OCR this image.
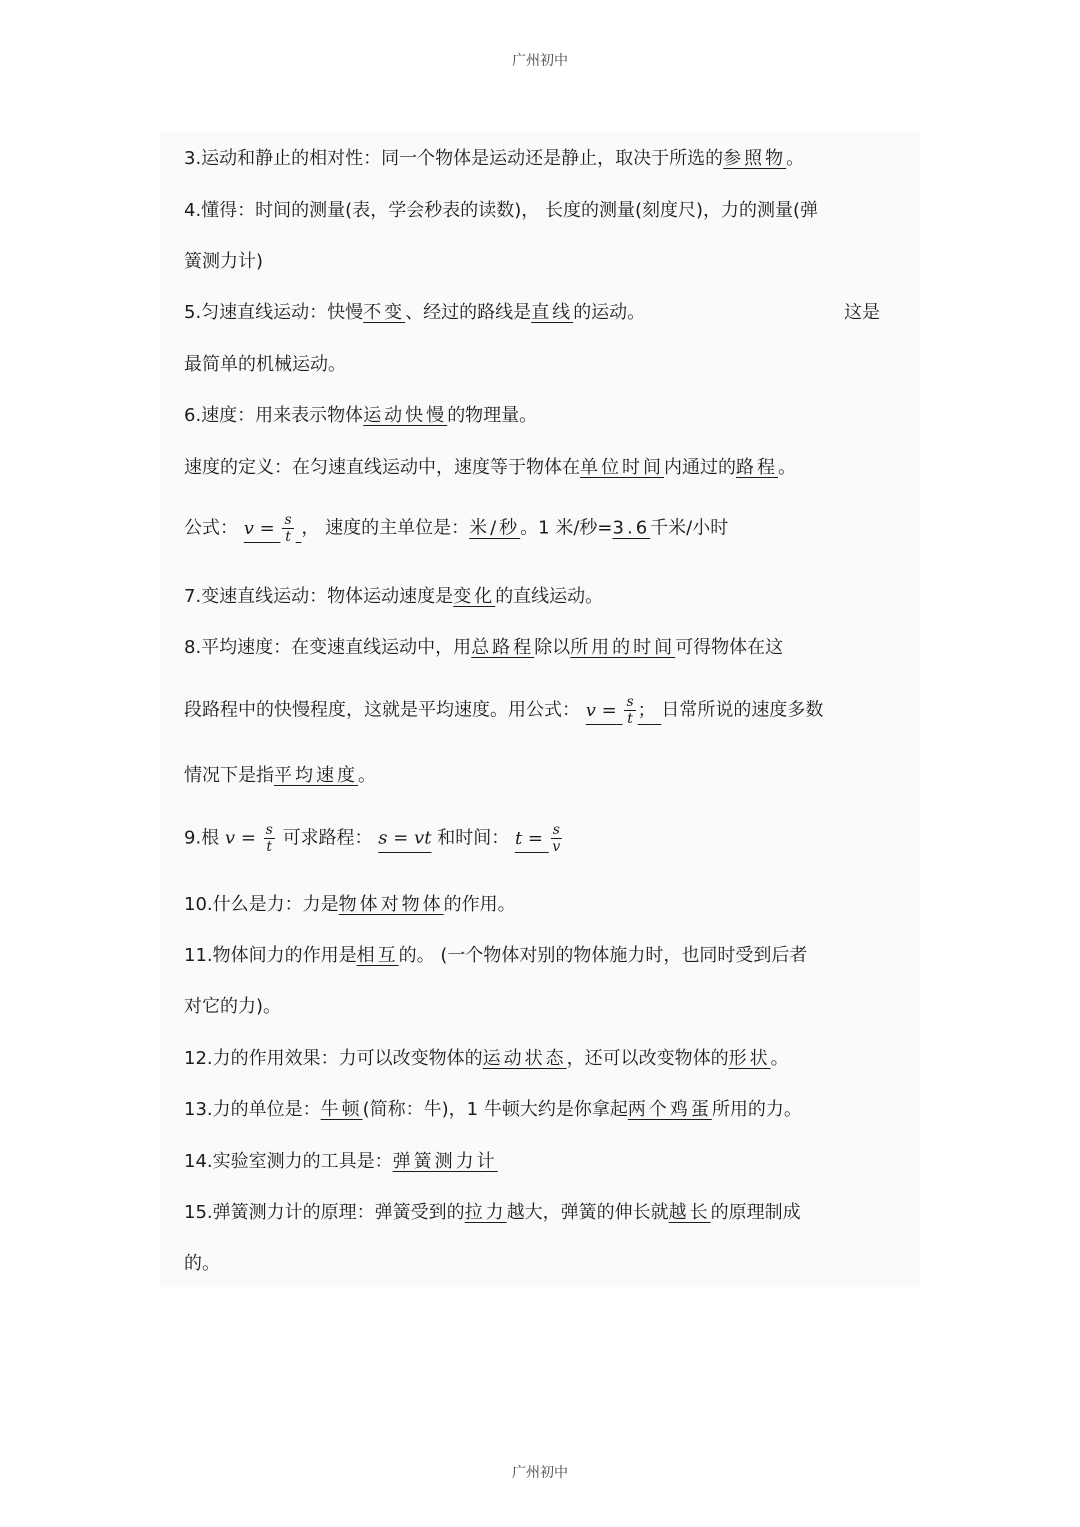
广州初中
3.运动和静止的相对性：同一个物体是运动还是静止，取决于所选的参照物。
4.懂得：时间的测量(表，学会秒表的读数)， 长度的测量(刻度尺)，力的测量(弹
簧测力计)
5.匀速直线运动：快慢不变、经过的路线是直线的运动。	这是
最简单的机械运动。
6.速度：用来表示物体运动快慢的物理量。
速度的定义：在匀速直线运动中，速度等于物体在单位时间内通过的路程。
公式： $v = \frac{s}{t}$ ， 速度的主单位是：米/秒。1 米/秒=3.6千米/小时
7.变速直线运动：物体运动速度是变化的直线运动。
8.平均速度：在变速直线运动中，用总路程除以所用的时间可得物体在这
段路程中的快慢程度，这就是平均速度。用公式： $v = \frac{s}{t}$ ； 日常所说的速度多数
情况下是指平均速度。
9.根 $v = \frac{s}{t}$ 可求路程： s = vt 和时间： $t = \frac{s}{v}$
10.什么是力：力是物体对物体的作用。
11.物体间力的作用是相互的。 (一个物体对别的物体施力时，也同时受到后者
对它的力)。
12.力的作用效果：力可以改变物体的运动状态，还可以改变物体的形状。
13.力的单位是：牛顿(简称：牛)，1 牛顿大约是你拿起两个鸡蛋所用的力。
14.实验室测力的工具是：弹簧测力计
15.弹簧测力计的原理：弹簧受到的拉力越大，弹簧的伸长就越长的原理制成
的。
广州初中
